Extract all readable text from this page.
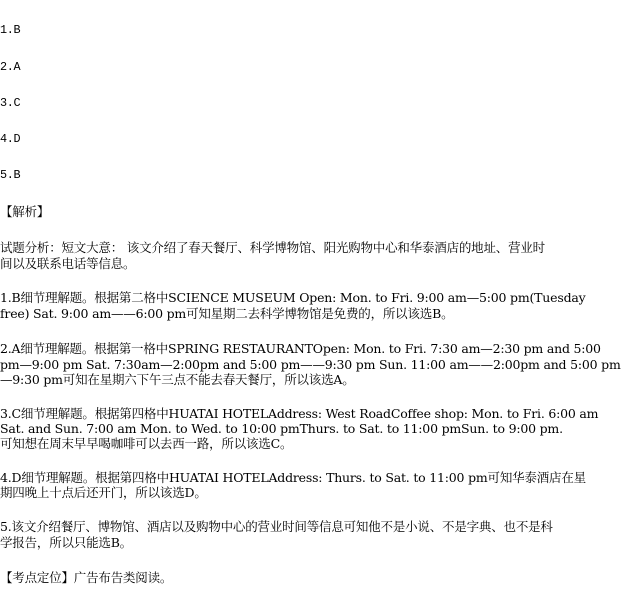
1.B

2.A

3.C

4.D

5.B

【解析】

试题分析：短文大意： 该文介绍了春天餐厅、科学博物馆、阳光购物中心和华泰酒店的地址、营业时

间以及联系电话等信息。

1.B细节理解题。根据第二格中SCIENCE MUSEUM Open: Mon. to Fri. 9:00 am—5:00 pm(Tuesday

free) Sat. 9:00 am——6:00 pm可知星期二去科学博物馆是免费的，所以该选B。

2.A细节理解题。根据第一格中SPRING RESTAURANTOpen: Mon. to Fri. 7:30 am—2:30 pm and 5:00

pm—9:00 pm Sat. 7:30am—2:00pm and 5:00 pm——9:30 pm Sun. 11:00 am——2:00pm and 5:00 pm

—9:30 pm可知在星期六下午三点不能去春天餐厅，所以该选A。

3.C细节理解题。根据第四格中HUATAI HOTELAddress: West RoadCoffee shop: Mon. to Fri. 6:00 am

Sat. and Sun. 7:00 am Mon. to Wed. to 10:00 pmThurs. to Sat. to 11:00 pmSun. to 9:00 pm.

可知想在周末早早喝咖啡可以去西一路，所以该选C。

4.D细节理解题。根据第四格中HUATAI HOTELAddress: Thurs. to Sat. to 11:00 pm可知华泰酒店在星

期四晚上十点后还开门，所以该选D。

5.该文介绍餐厅、博物馆、酒店以及购物中心的营业时间等信息可知他不是小说、不是字典、也不是科

学报告，所以只能选B。

【考点定位】广告布告类阅读。
